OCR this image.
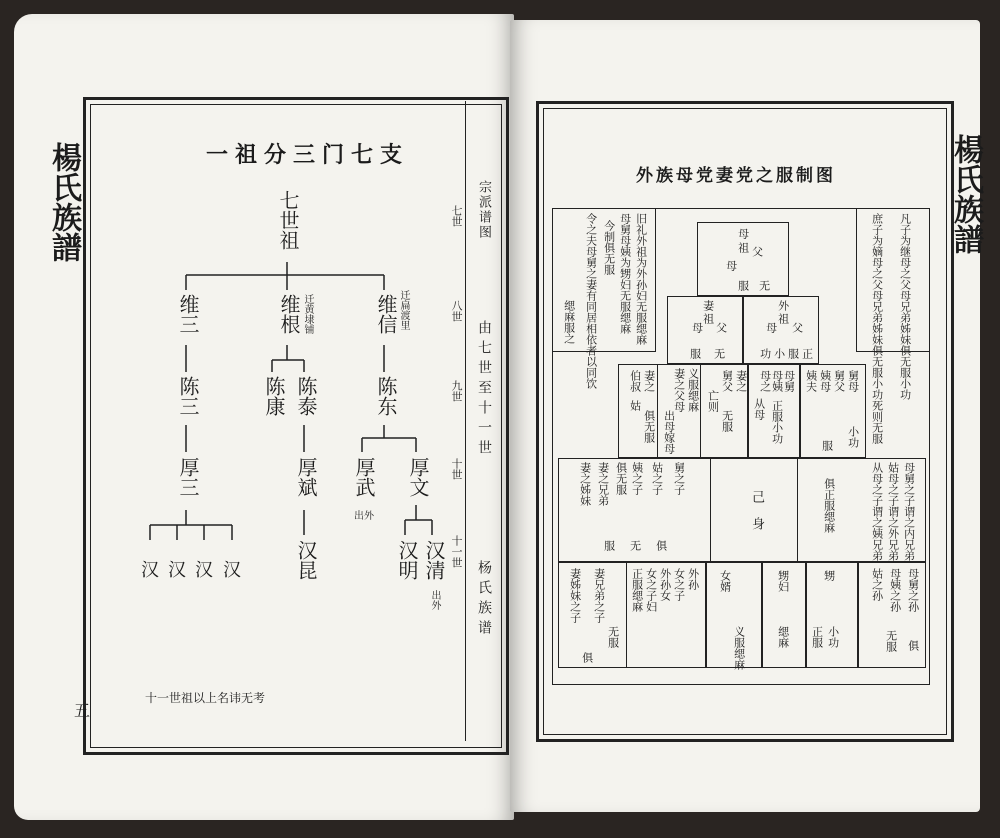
楊氏族譜	楊氏族譜
一祖分三门七支
宗派谱图
由七世至十一世
杨氏族谱
七世
八世
九世
十世
十一世
七世祖
维三
陈三
厚三
汉 汉 汉 汉
维根 迁黄埭铺
陈康 陈泰
厚斌
汉昆
维信 迁扁渡里
陈东
厚武
出外
厚文
汉明 汉清
出外
十一世祖以上名讳无考
五
外族母党妻党之服制图
凡子为继母之父母兄弟姊妹俱无服小功
庶子为嫡母之父母兄弟姊妹俱无服小功死则无服
旧礼外祖为外孙妇无服缌麻
母舅母姨为甥妇无服缌麻
今制俱无服
令之夫母舅之妻有同居相依者以同饮
缌麻服之
母
祖 父
母
无
服
妻
祖
母 父
服 无
外
祖
母 父
功 小 服 正
舅母
舅父
姨母
姨夫
小功
服
母舅
母姨
母之
从母 正服小功
妻之
舅父
亡则
无服
妻之
伯叔
姑
俱无服
义服缌麻
妻之父母
出母
嫁母
己身	母舅之子谓之内兄弟
姑母之子谓之外兄弟
从母之子谓之姨兄弟
俱正服缌麻
舅之子
姑之子
姨之子
俱无服
妻之兄弟
妻之姊妹
无
服	俱
甥妇
缌麻
女婿
义服缌麻
甥
小功
正服
外孙
女之子
外孙女
女之子妇
正服缌麻
妻姊妹之子 妻兄弟之子
无服
俱
母舅之孙
母姨之孙
姑之孙
无服 俱
